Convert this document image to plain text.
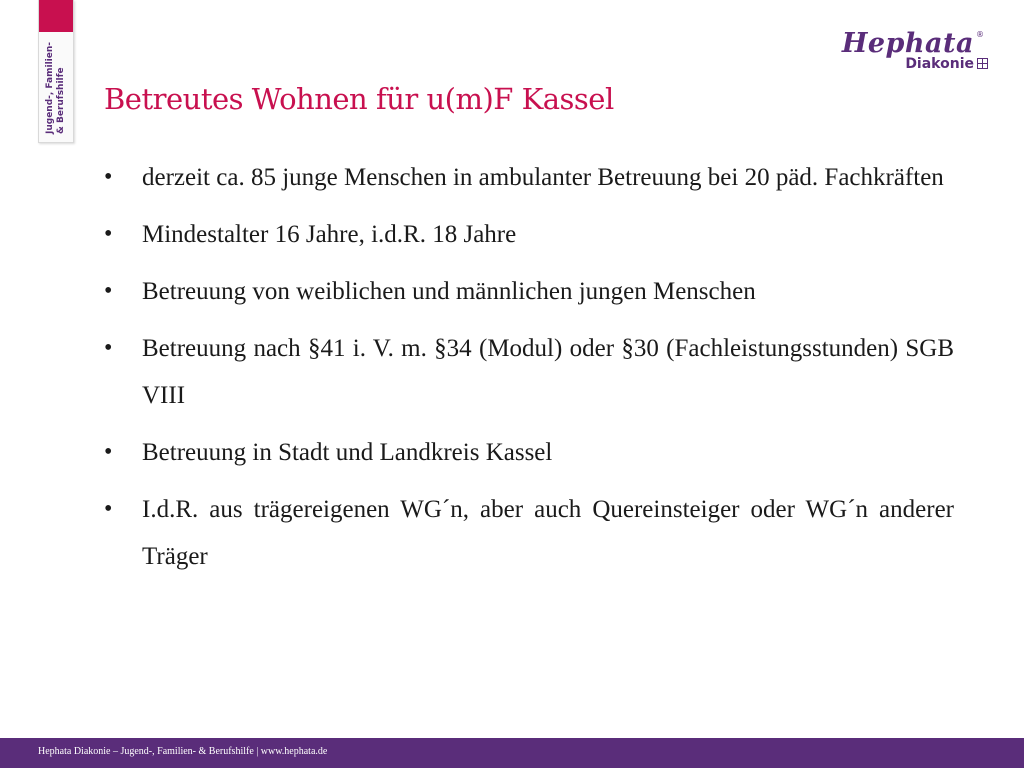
Jugend-, Familien- & Berufshilfe
Hephata ®
Diakonie
Betreutes Wohnen für u(m)F Kassel
• derzeit ca. 85 junge Menschen in ambulanter Betreuung bei 20 päd. Fachkräften
• Mindestalter 16 Jahre, i.d.R. 18 Jahre
• Betreuung von weiblichen und männlichen jungen Menschen
• Betreuung nach §41 i. V. m. §34 (Modul) oder §30 (Fachleistungsstunden) SGB VIII
• Betreuung in Stadt und Landkreis Kassel
• I.d.R. aus trägereigenen WG´n, aber auch Quereinsteiger oder WG´n anderer Träger
Hephata Diakonie – Jugend-, Familien- & Berufshilfe | www.hephata.de
